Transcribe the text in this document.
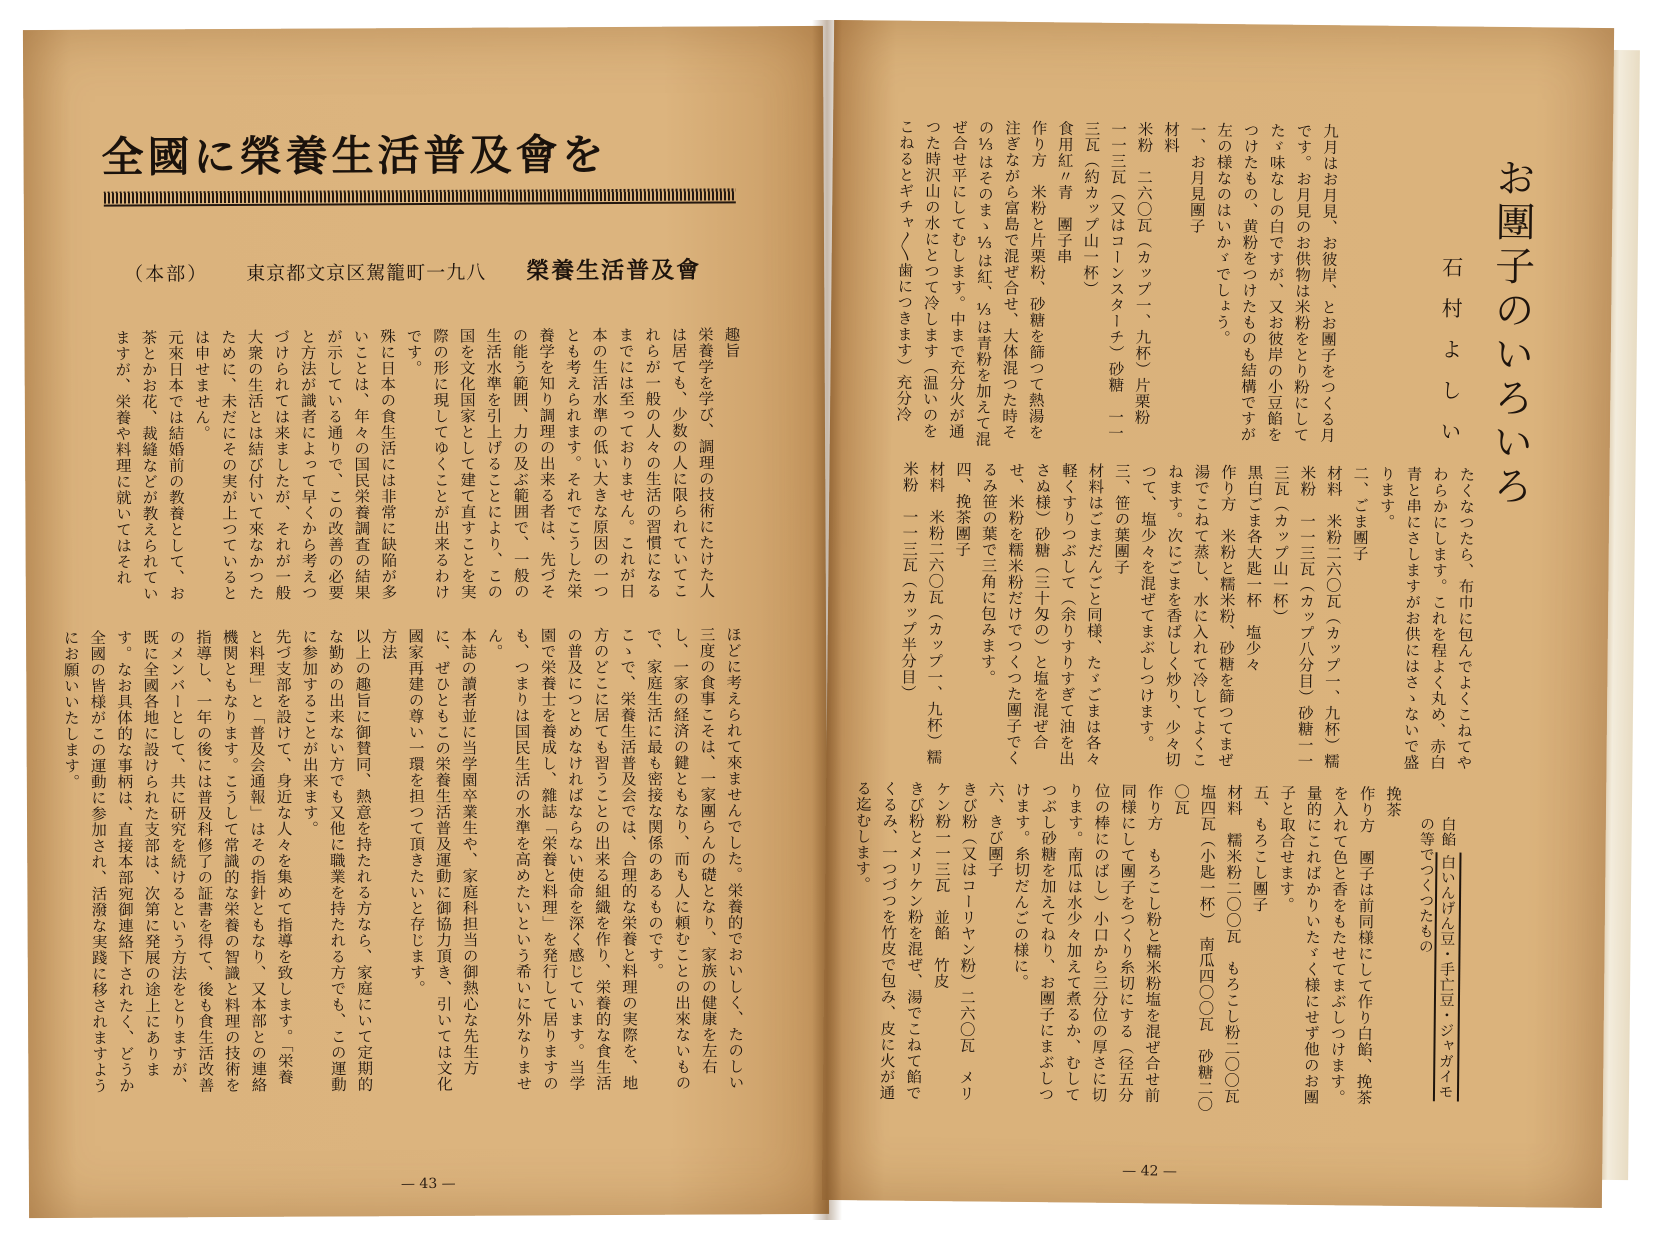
全國に榮養生活普及會を
（本部） 東京都文京区駕籠町一九八 榮養生活普及會
趣旨
栄養学を学び、調理の技術にたけた人は居ても、少数の人に限られていてこれらが一般の人々の生活の習慣になるまでには至っておりません。これが日本の生活水準の低い大きな原因の一つとも考えられます。それでこうした栄養学を知り調理の出来る者は、先づその能う範囲、力の及ぶ範囲で、一般の生活水準を引上げることにより、この国を文化国家として建て直すことを実際の形に現してゆくことが出来るわけです。
殊に日本の食生活には非常に缺陥が多いことは、年々の国民栄養調査の結果が示している通りで、この改善の必要と方法が識者によって早くから考えつづけられては来ましたが、それが一般大衆の生活とは結び付いて來なかつたために、未だにその実が上つているとは申せません。
元來日本では結婚前の教養として、お茶とかお花、裁縫などが教えられていますが、栄養や料理に就いてはそれ
ほどに考えられて來ませんでした。栄養的でおいしく、たのしい三度の食事こそは、一家團らんの礎となり、家族の健康を左右し、一家の経済の鍵ともなり、而も人に頼むことの出來ないもので、家庭生活に最も密接な関係のあるものです。
こゝで、栄養生活普及会では、合理的な栄養と料理の実際を、地方のどこに居ても習うことの出来る組織を作り、栄養的な食生活の普及につとめなければならない使命を深く感じています。当学園で栄養士を養成し、雜誌「栄養と料理」を発行して居りますのも、つまりは国民生活の水準を高めたいという希いに外なりません。
本誌の讀者並に当学園卒業生や、家庭科担当の御熱心な先生方に、ぜひともこの栄養生活普及運動に御協力頂き、引いては文化國家再建の尊い一環を担つて頂きたいと存じます。
方法
以上の趣旨に御賛同、熱意を持たれる方なら、家庭にいて定期的な勤めの出来ない方でも又他に職業を持たれる方でも、この運動に参加することが出来ます。
先づ支部を設けて、身近な人々を集めて指導を致します。「栄養と料理」と「普及会通報」はその指針ともなり、又本部との連絡機関ともなります。こうして常識的な栄養の智識と料理の技術を指導し、一年の後には普及科修了の証書を得て、後も食生活改善のメンバーとして、共に研究を続けるという方法をとりますが、既に全國各地に設けられた支部は、次第に発展の途上にあります。なお具体的な事柄は、直接本部宛御連絡下されたく、どうか全國の皆様がこの運動に参加され、活潑な実踐に移されますようにお願いいたします。
— 43 —
お團子のいろいろ
石村よしい
九月はお月見、お彼岸、とお團子をつくる月です。お月見のお供物は米粉をとり粉にしてたゞ味なしの白ですが、又お彼岸の小豆餡をつけたもの、黄粉をつけたものも結構ですが左の様なのはいかゞでしょう。
一、お月見團子
材料
米粉　二六〇瓦（カップ一、九杯）片栗粉　一一三瓦（又はコーンスターチ）砂糖　一一三瓦（約カップ山一杯）
食用紅〃青　團子串
作り方　米粉と片栗粉、砂糖を篩つて熱湯を注ぎながら富島で混ぜ合せ、大体混つた時その⅓はそのまゝ⅓は紅、⅓は青粉を加えて混ぜ合せ平にしてむします。中まで充分火が通つた時沢山の水にとつて冷します（温いのをこねるとギチャ〳〵歯につきます）充分冷
たくなつたら、布巾に包んでよくこねてやわらかにします。これを程よく丸め、赤白青と串にさしますがお供にはさゝないで盛ります。
二、ごま團子
材料　米粉二六〇瓦（カップ一、九杯）糯米粉　一一三瓦（カップ八分目）砂糖一一三瓦（カップ山一杯）
黒白ごま各大匙一杯　塩少々
作り方　米粉と糯米粉、砂糖を篩つてまぜ湯でこねて蒸し、水に入れて冷してよくこねます。次にごまを香ばしく炒り、少々切つて、塩少々を混ぜてまぶしつけます。
三、笹の葉團子
材料はごまだんごと同様、たゞごまは各々軽くすりつぶして（余りすりすぎて油を出さぬ様）砂糖（三十匁の）と塩を混ぜ合せ、米粉を糯米粉だけでつくつた團子でくるみ笹の葉で三角に包みます。
四、挽茶團子
材料　米粉二六〇瓦（カップ一、九杯）糯米粉　一一三瓦（カップ半分目）
挽茶
作り方　團子は前同様にして作り白餡、挽茶を入れて色と香をもたせてまぶしつけます。量的にこればかりいたゞく様にせず他のお團子と取合せます。
五、もろこし團子
材料　糯米粉二〇〇瓦　もろこし粉二〇〇瓦　塩四瓦（小匙一杯）　南瓜四〇〇瓦　砂糖二〇〇瓦
作り方　もろこし粉と糯米粉塩を混ぜ合せ前同様にして團子をつくり糸切にする（径五分位の棒にのばし）小口から三分位の厚さに切ります。南瓜は水少々加えて煮るか、むしてつぶし砂糖を加えてねり、お團子にまぶしつけます。糸切だんごの様に。
六、きび團子
きび粉（又はコーリヤン粉）二六〇瓦　メリケン粉一一三瓦　並餡　竹皮
きび粉とメリケン粉を混ぜ、湯でこねて餡でくるみ、一つづつを竹皮で包み、皮に火が通る迄むします。	白餡 白いんげん豆・手亡豆・ジャガイモ の等でつくつたもの
— 42 —
